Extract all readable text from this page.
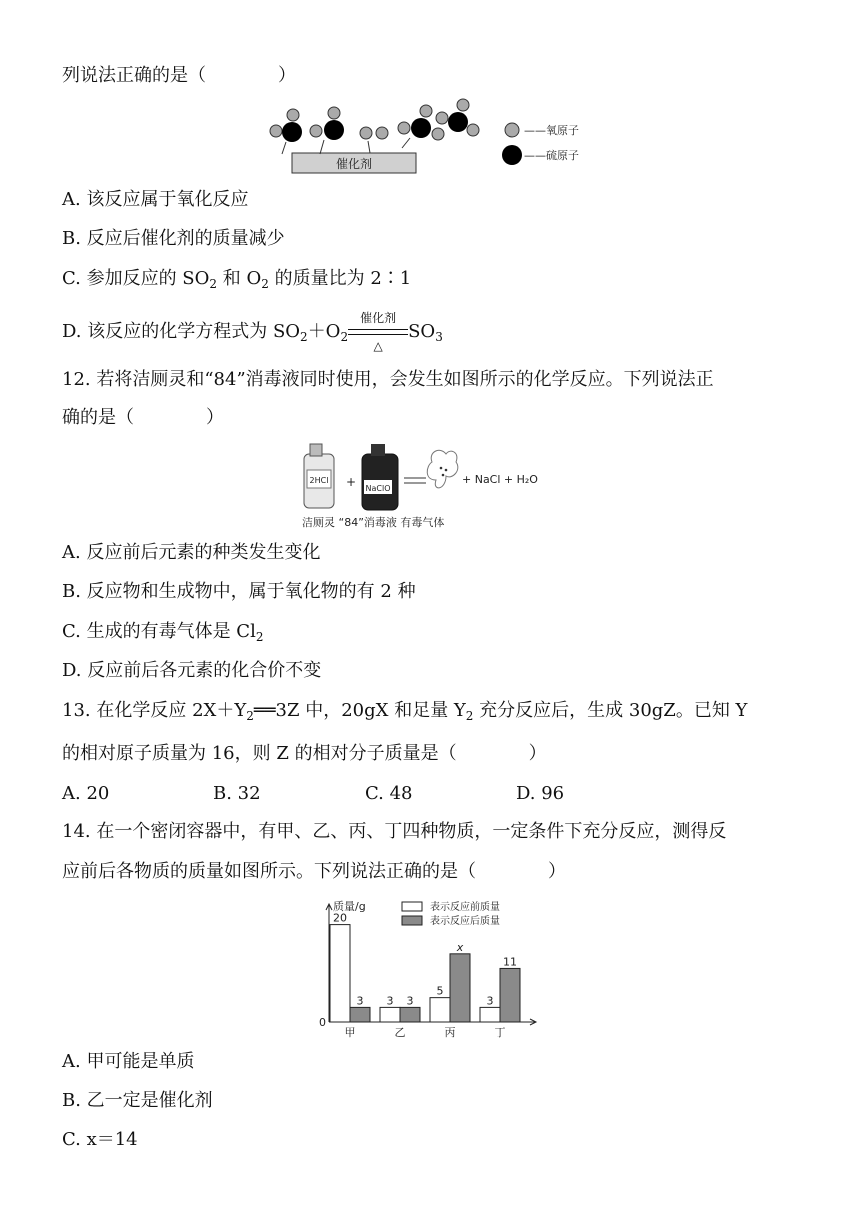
列说法正确的是（　　　　）
催化剂
——氧原子
——硫原子
A. 该反应属于氧化反应
B. 反应后催化剂的质量减少
C. 参加反应的 $SO_2$ 和 $O_2$ 的质量比为 2∶1
D. 该反应的化学方程式为 $SO_2+O_2$
催化剂
△
$SO_3$
12. 若将洁厕灵和“84”消毒液同时使用，会发生如图所示的化学反应。下列说法正
确的是（　　　　）
2HCl + NaClO
+ NaCl + H₂O
洁厕灵 “84”消毒液 有毒气体
A. 反应前后元素的种类发生变化
B. 反应物和生成物中，属于氧化物的有 2 种
C. 生成的有毒气体是 $Cl_2$
D. 反应前后各元素的化合价不变
13. 在化学反应 $2X+Y_2══3Z$ 中，20gX 和足量 $Y_2$ 充分反应后，生成 30gZ。已知 Y
的相对原子质量为 16，则 Z 的相对分子质量是（　　　　）
A. 20	B. 32	C. 48	D. 96
14. 在一个密闭容器中，有甲、乙、丙、丁四种物质，一定条件下充分反应，测得反
应前后各物质的质量如图所示。下列说法正确的是（　　　　）
质量/g
0
表示反应前质量
表示反应后质量
20
3
甲
3 3
乙
5
x
丙
3
11
丁
A. 甲可能是单质
B. 乙一定是催化剂
C. x＝14
